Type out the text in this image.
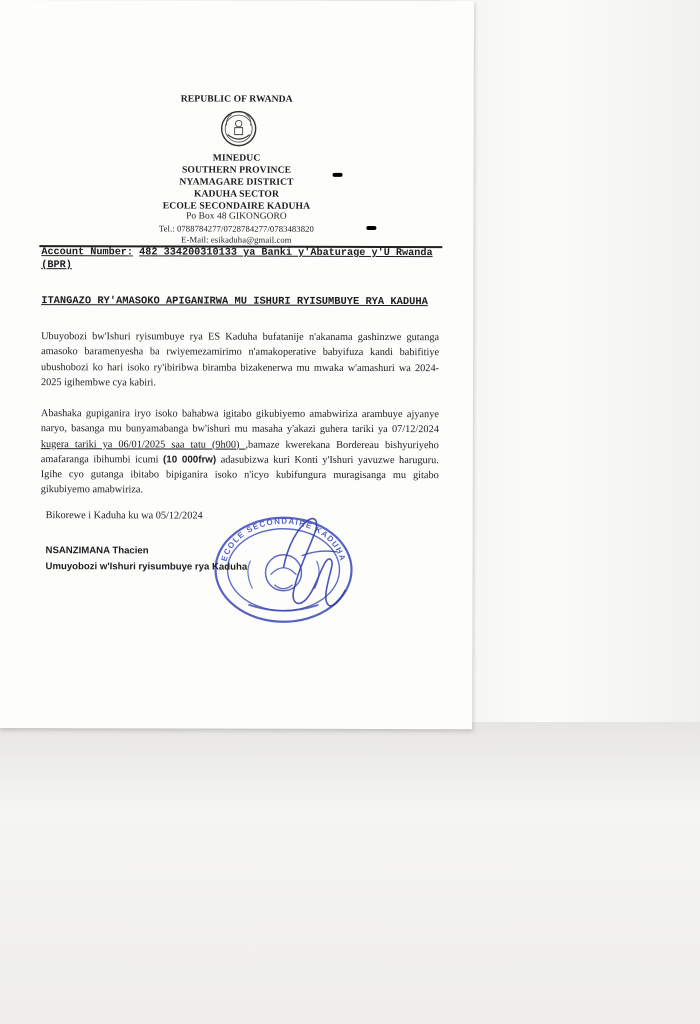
REPUBLIC OF RWANDA
MINEDUC
SOUTHERN PROVINCE
NYAMAGARE DISTRICT
KADUHA SECTOR
ECOLE SECONDAIRE KADUHA
Po Box 48 GIKONGORO
Tel.: 0788784277/0728784277/0783483820
E-Mail: esikaduha@gmail.com
Account Number: 482 334200310133 ya Banki y'Abaturage y'U Rwanda
(BPR)
ITANGAZO RY'AMASOKO APIGANIRWA MU ISHURI RYISUMBUYE RYA KADUHA
Ubuyobozi bw'Ishuri ryisumbuye rya ES Kaduha bufatanije n'akanama gashinzwe gutanga amasoko baramenyesha ba rwiyemezamirimo n'amakoperative babyifuza kandi babifitiye ubushobozi ko hari isoko ry'ibiribwa biramba bizakenerwa mu mwaka w'amashuri wa 2024-2025 igihembwe cya kabiri.
Abashaka gupiganira iryo isoko bahabwa igitabo gikubiyemo amabwiriza arambuye ajyanye naryo, basanga mu bunyamabanga bw'ishuri mu masaha y'akazi guhera tariki ya 07/12/2024 kugera tariki ya 06/01/2025 saa tatu (9h00) ,bamaze kwerekana Bordereau bishyuriyeho amafaranga ibihumbi icumi (10 000frw) adasubizwa kuri Konti y'Ishuri yavuzwe haruguru. Igihe cyo gutanga ibitabo bipiganira isoko n'icyo kubifungura muragisanga mu gitabo gikubiyemo amabwiriza.
Bikorewe i Kaduha ku wa 05/12/2024
ECOLE SECONDAIRE KADUHA
NSANZIMANA Thacien
Umuyobozi w'Ishuri ryisumbuye rya Kaduha
